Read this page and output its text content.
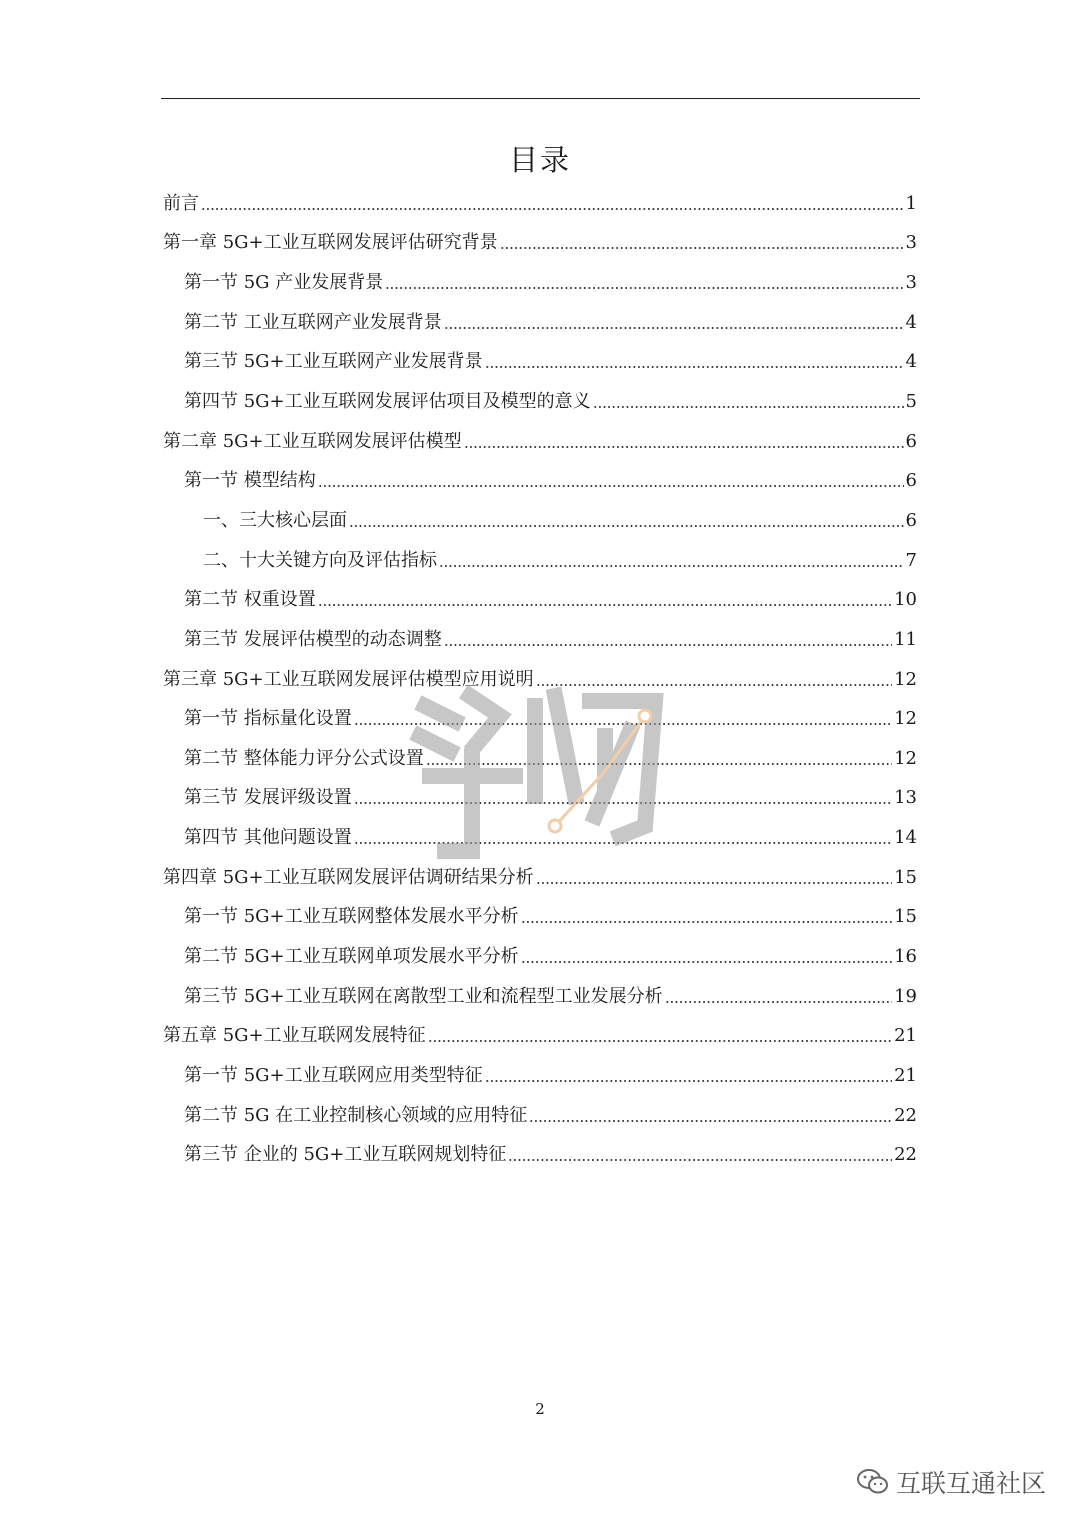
目录
前言	1
第一章 5G+工业互联网发展评估研究背景	3
第一节 5G 产业发展背景	3
第二节 工业互联网产业发展背景	4
第三节 5G+工业互联网产业发展背景	4
第四节 5G+工业互联网发展评估项目及模型的意义	5
第二章 5G+工业互联网发展评估模型	6
第一节 模型结构	6
一、三大核心层面	6
二、十大关键方向及评估指标	7
第二节 权重设置	10
第三节 发展评估模型的动态调整	11
第三章 5G+工业互联网发展评估模型应用说明	12
第一节 指标量化设置	12
第二节 整体能力评分公式设置	12
第三节 发展评级设置	13
第四节 其他问题设置	14
第四章 5G+工业互联网发展评估调研结果分析	15
第一节 5G+工业互联网整体发展水平分析	15
第二节 5G+工业互联网单项发展水平分析	16
第三节 5G+工业互联网在离散型工业和流程型工业发展分析	19
第五章 5G+工业互联网发展特征	21
第一节 5G+工业互联网应用类型特征	21
第二节 5G 在工业控制核心领域的应用特征	22
第三节 企业的 5G+工业互联网规划特征	22
2
互联互通社区
